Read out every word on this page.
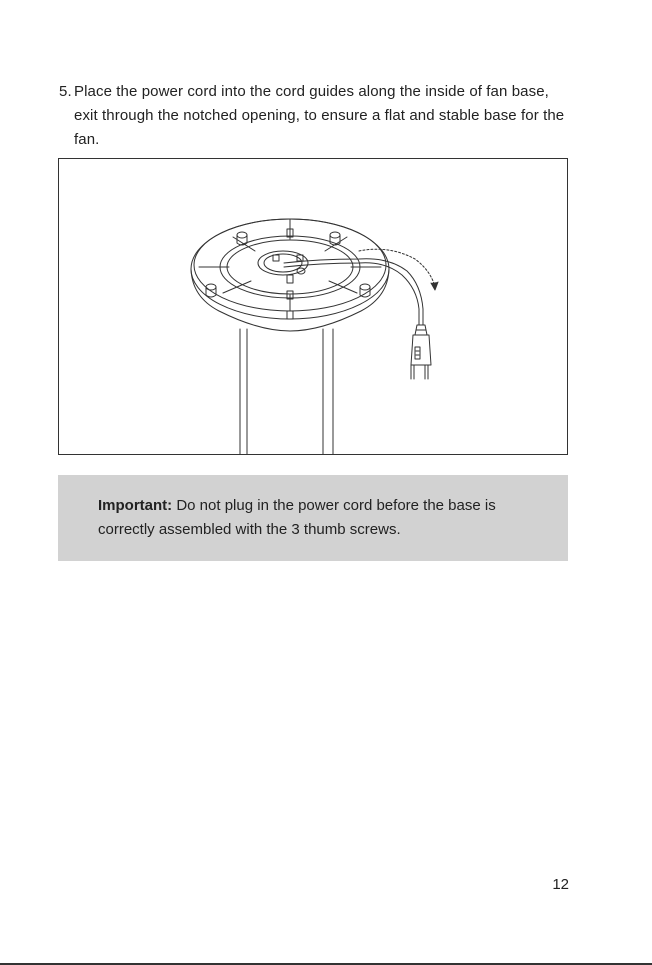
5. Place the power cord into the cord guides along the inside of fan base, exit through the notched opening, to ensure a flat and stable base for the fan.
Important: Do not plug in the power cord before the base is correctly assembled with the 3 thumb screws.
12
